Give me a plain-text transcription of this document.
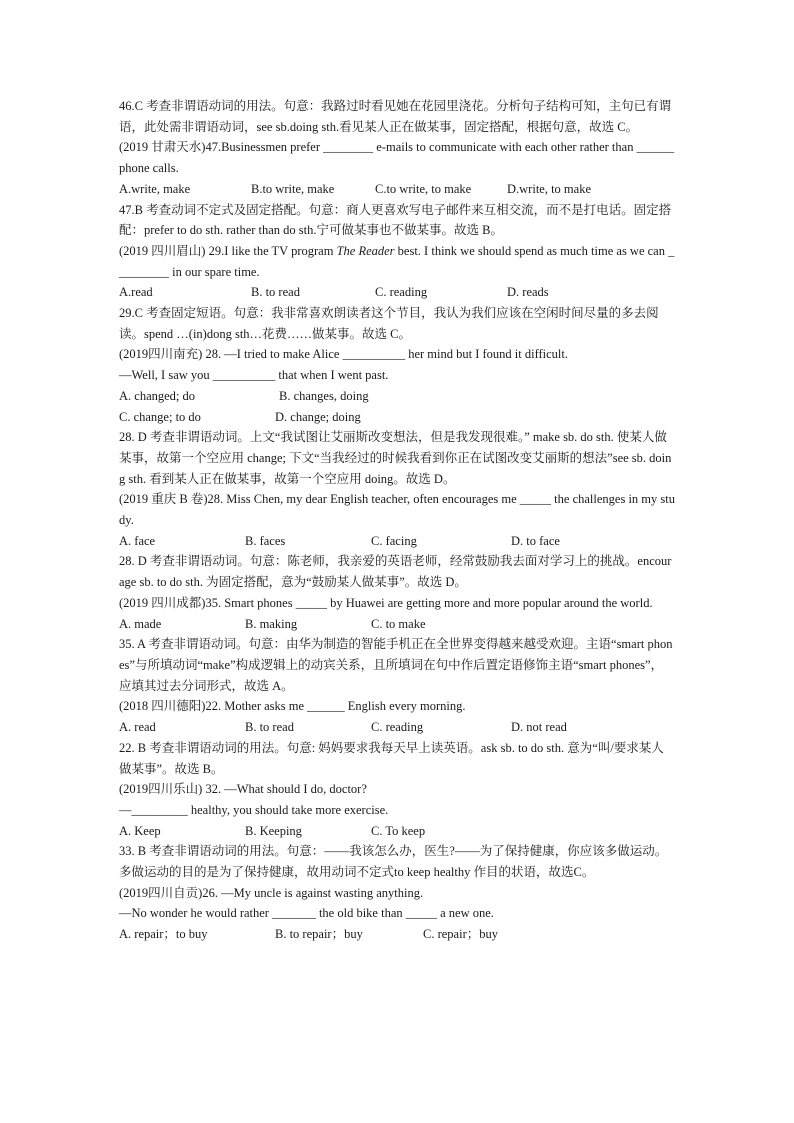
46.C 考查非谓语动词的用法。句意：我路过时看见她在花园里浇花。分析句子结构可知，主句已有谓语，此处需非谓语动词，see sb.doing sth.看见某人正在做某事，固定搭配，根据句意，故选 C。

(2019 甘肃天水)47.Businessmen prefer ________ e-mails to communicate with each other rather than ______ phone calls.

A.write, make	B.to write, make	C.to write, to make	D.write, to make

47.B 考查动词不定式及固定搭配。句意：商人更喜欢写电子邮件来互相交流，而不是打电话。固定搭配：prefer to do sth. rather than do sth.宁可做某事也不做某事。故选 B。

(2019 四川眉山) 29.I like the TV program The Reader best. I think we should spend as much time as we can _________ in our spare time.

A.read	B. to read	C. reading	D. reads

29.C 考查固定短语。句意：我非常喜欢朗读者这个节目，我认为我们应该在空闲时间尽量的多去阅读。spend …(in)dong sth…花费……做某事。故选 C。

(2019四川南充) 28. —I tried to make Alice __________ her mind but I found it difficult.

—Well, I saw you __________ that when I went past.

A. changed; do	B. changes, doing
C. change; to do	D. change; doing

28. D 考查非谓语动词。上文“我试图让艾丽斯改变想法，但是我发现很难。” make sb. do sth. 使某人做某事，故第一个空应用 change; 下文“当我经过的时候我看到你正在试图改变艾丽斯的想法”see sb. doing sth. 看到某人正在做某事，故第一个空应用 doing。故选 D。

(2019 重庆 B 卷)28. Miss Chen, my dear English teacher, often encourages me _____ the challenges in my study.

A. face	B. faces	C. facing	D. to face

28. D 考查非谓语动词。句意：陈老师，我亲爱的英语老师，经常鼓励我去面对学习上的挑战。encourage sb. to do sth. 为固定搭配，意为“鼓励某人做某事”。故选 D。

(2019 四川成都)35. Smart phones _____ by Huawei are getting more and more popular around the world.

A. made	B. making	C. to make

35. A 考查非谓语动词。句意：由华为制造的智能手机正在全世界变得越来越受欢迎。主语“smart phones”与所填动词“make”构成逻辑上的动宾关系，且所填词在句中作后置定语修饰主语“smart phones”，应填其过去分词形式，故选 A。

(2018 四川德阳)22. Mother asks me ______ English every morning.

A. read	B. to read	C. reading	D. not read

22. B 考查非谓语动词的用法。句意: 妈妈要求我每天早上读英语。ask sb. to do sth. 意为“叫/要求某人做某事”。故选 B。

(2019四川乐山) 32. —What should I do, doctor?

—_________ healthy, you should take more exercise.

A. Keep	B. Keeping	C. To keep

33. B 考查非谓语动词的用法。句意：——我该怎么办，医生?——为了保持健康，你应该多做运动。多做运动的目的是为了保持健康，故用动词不定式to keep healthy 作目的状语，故选C。

(2019四川自贡)26. —My uncle is against wasting anything.

—No wonder he would rather _______ the old bike than _____ a new one.

A. repair；to buy	B. to repair；buy	C. repair；buy
